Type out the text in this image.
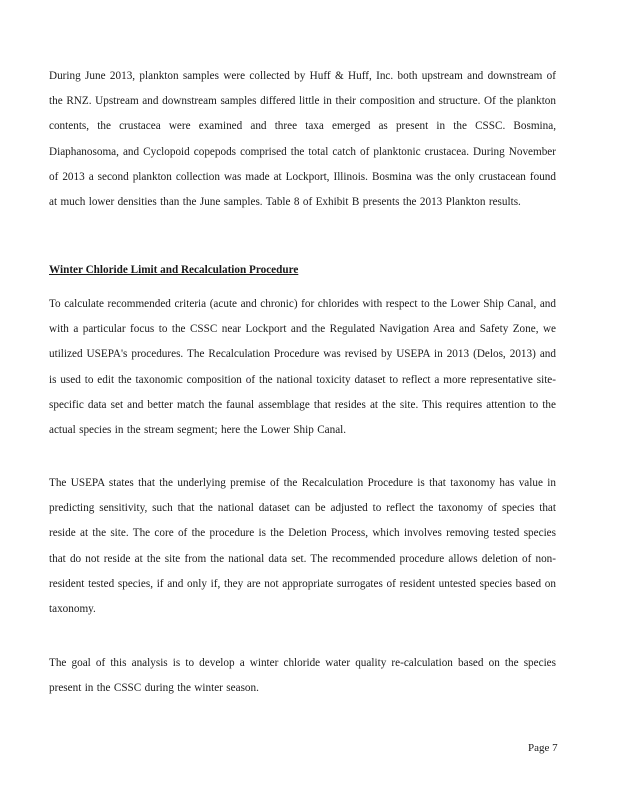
During June 2013, plankton samples were collected by Huff & Huff, Inc. both upstream and downstream of the RNZ. Upstream and downstream samples differed little in their composition and structure. Of the plankton contents, the crustacea were examined and three taxa emerged as present in the CSSC. Bosmina, Diaphanosoma, and Cyclopoid copepods comprised the total catch of planktonic crustacea. During November of 2013 a second plankton collection was made at Lockport, Illinois. Bosmina was the only crustacean found at much lower densities than the June samples. Table 8 of Exhibit B presents the 2013 Plankton results.

Winter Chloride Limit and Recalculation Procedure

To calculate recommended criteria (acute and chronic) for chlorides with respect to the Lower Ship Canal, and with a particular focus to the CSSC near Lockport and the Regulated Navigation Area and Safety Zone, we utilized USEPA's procedures. The Recalculation Procedure was revised by USEPA in 2013 (Delos, 2013) and is used to edit the taxonomic composition of the national toxicity dataset to reflect a more representative site-specific data set and better match the faunal assemblage that resides at the site. This requires attention to the actual species in the stream segment; here the Lower Ship Canal.

The USEPA states that the underlying premise of the Recalculation Procedure is that taxonomy has value in predicting sensitivity, such that the national dataset can be adjusted to reflect the taxonomy of species that reside at the site. The core of the procedure is the Deletion Process, which involves removing tested species that do not reside at the site from the national data set. The recommended procedure allows deletion of non-resident tested species, if and only if, they are not appropriate surrogates of resident untested species based on taxonomy.

The goal of this analysis is to develop a winter chloride water quality re-calculation based on the species present in the CSSC during the winter season.

Page 7
